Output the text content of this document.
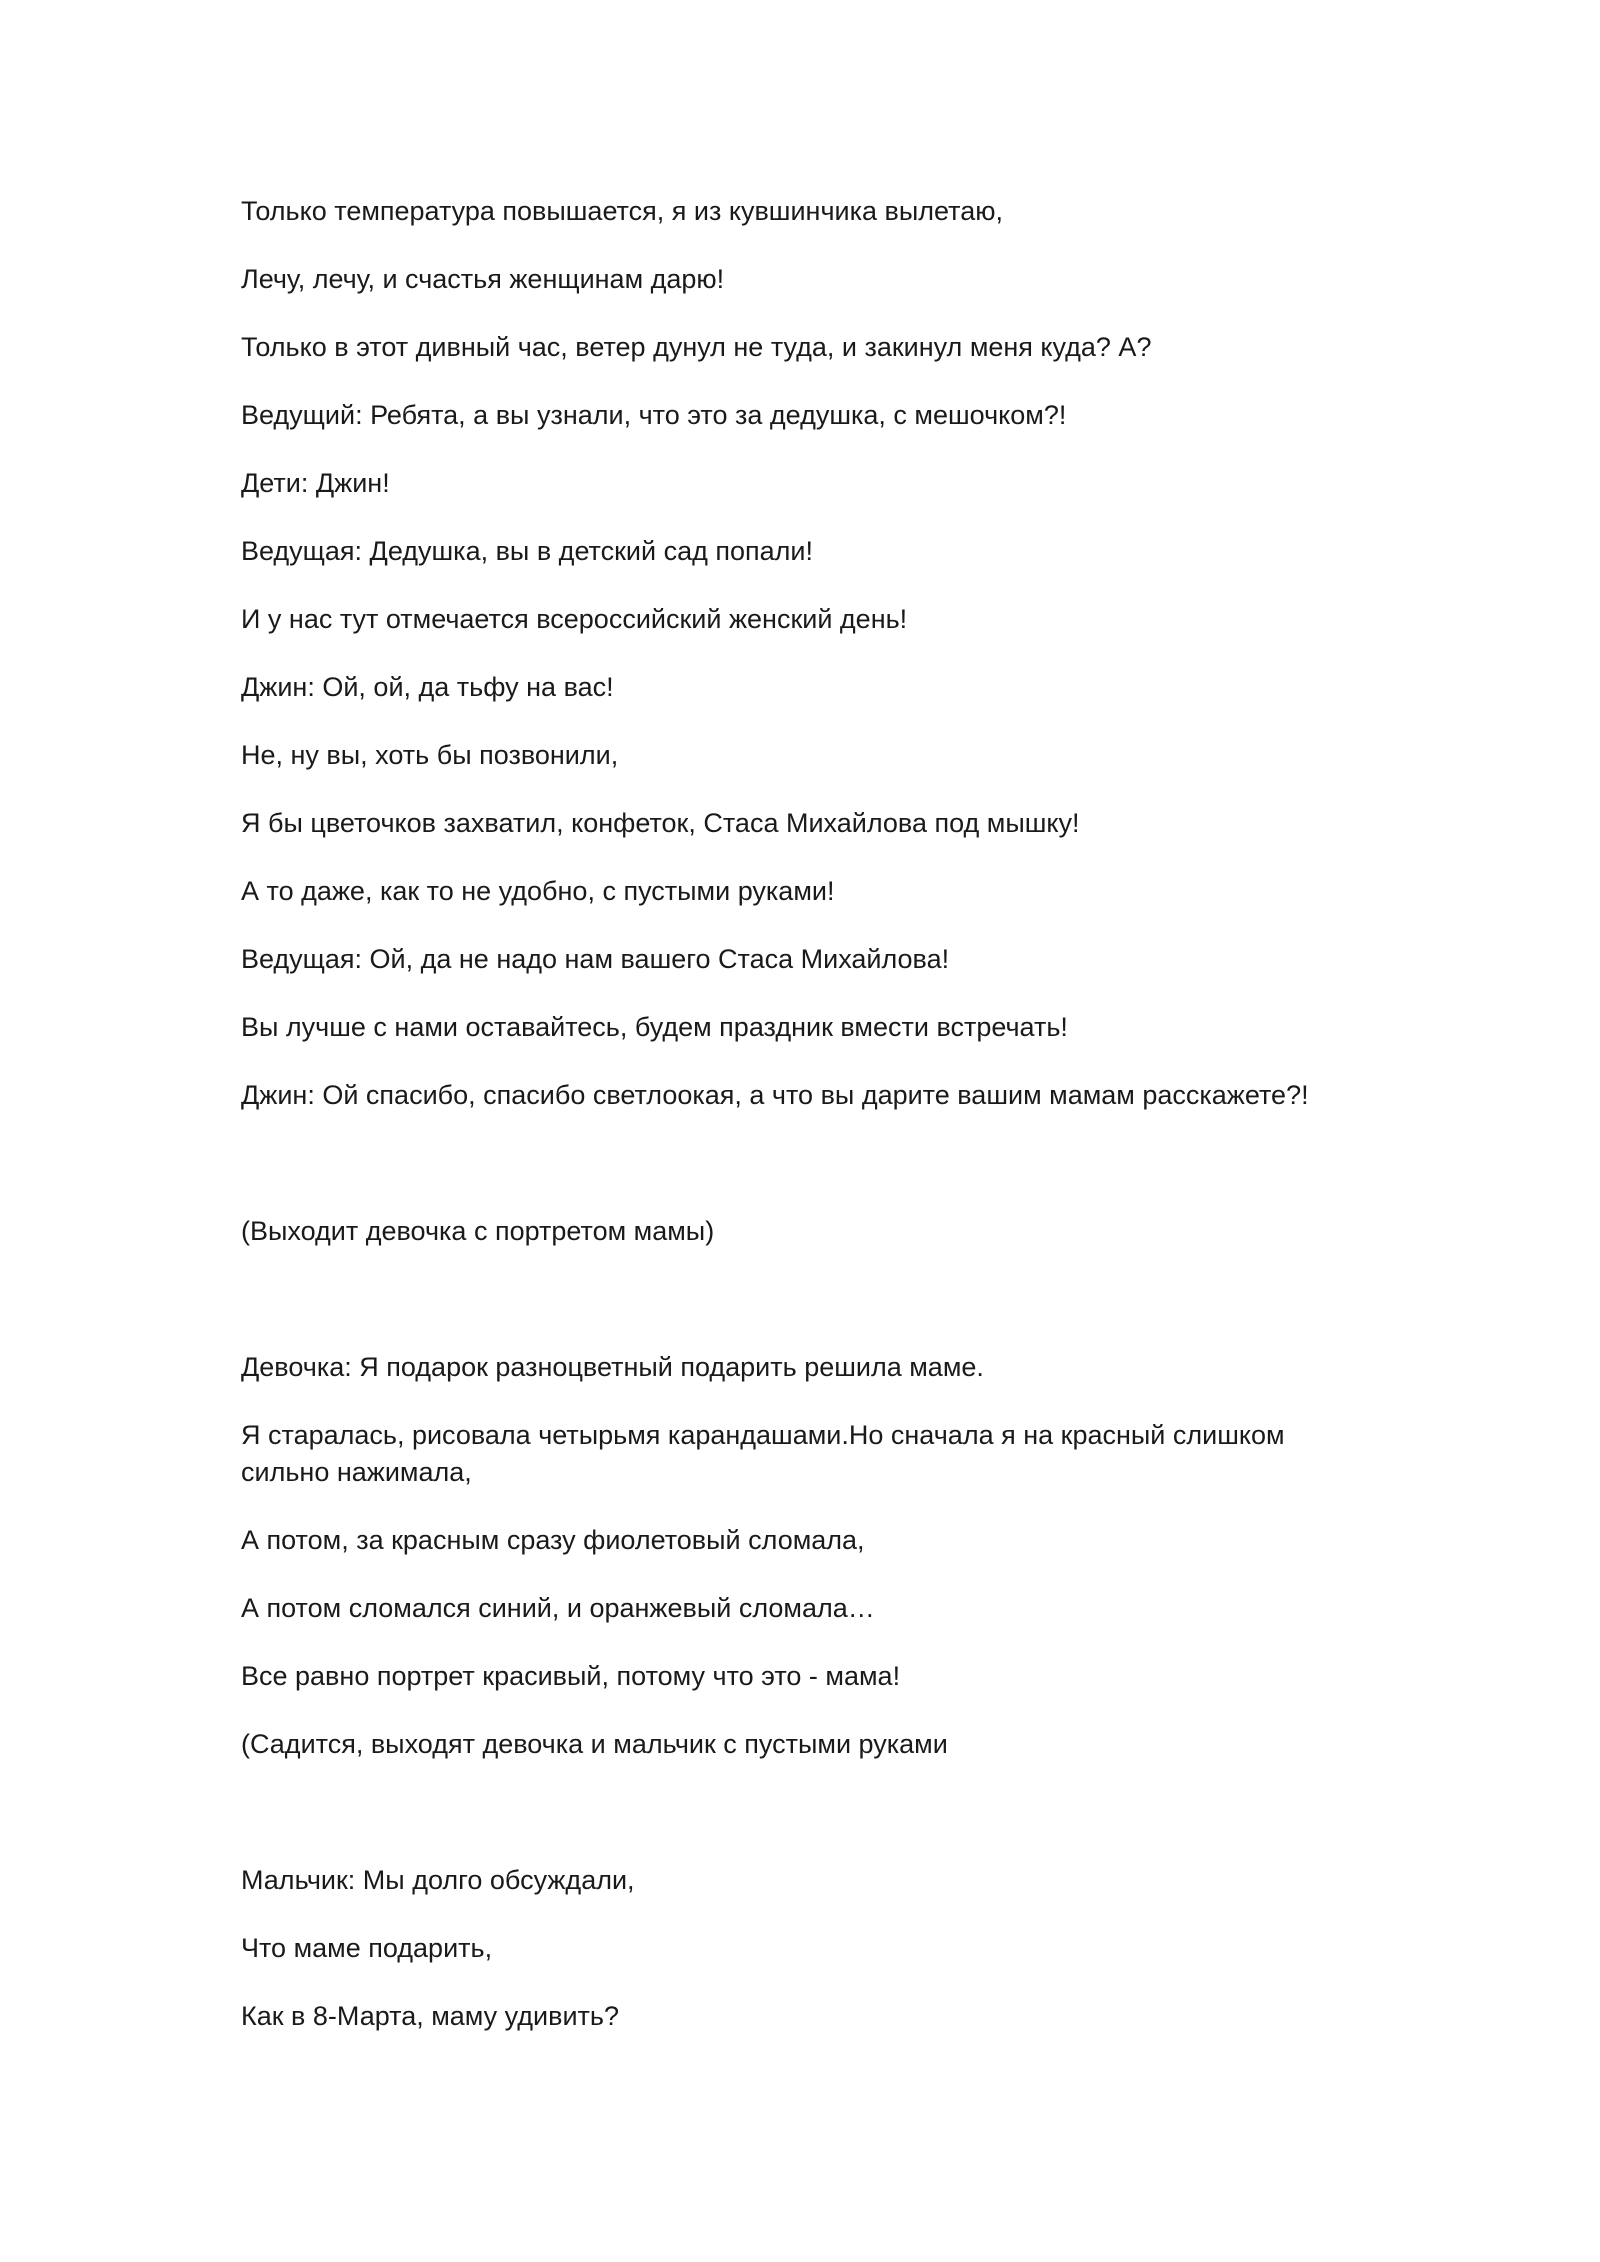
Только температура повышается, я из кувшинчика вылетаю,

Лечу, лечу, и счастья женщинам дарю!

Только в этот дивный час, ветер дунул не туда, и закинул меня куда? А?

Ведущий: Ребята, а вы узнали, что это за дедушка, с мешочком?!

Дети: Джин!

Ведущая: Дедушка, вы в детский сад попали!

И у нас тут отмечается всероссийский женский день!

Джин: Ой, ой, да тьфу на вас!

Не, ну вы, хоть бы позвонили,

Я бы цветочков захватил, конфеток, Стаса Михайлова под мышку!

А то даже, как то не удобно, с пустыми руками!

Ведущая: Ой, да не надо нам вашего Стаса Михайлова!

Вы лучше с нами оставайтесь, будем праздник вмести встречать!

Джин: Ой спасибо, спасибо светлоокая, а что вы дарите вашим мамам расскажете?!

(Выходит девочка с портретом мамы)

Девочка: Я подарок разноцветный подарить решила маме.

Я старалась, рисовала четырьмя карандашами.Но сначала я на красный слишком сильно нажимала,

А потом, за красным сразу фиолетовый сломала,

А потом сломался синий, и оранжевый сломала…

Все равно портрет красивый, потому что это - мама!

(Садится, выходят девочка и мальчик с пустыми руками

Мальчик: Мы долго обсуждали,

Что маме подарить,

Как в 8-Марта, маму удивить?
